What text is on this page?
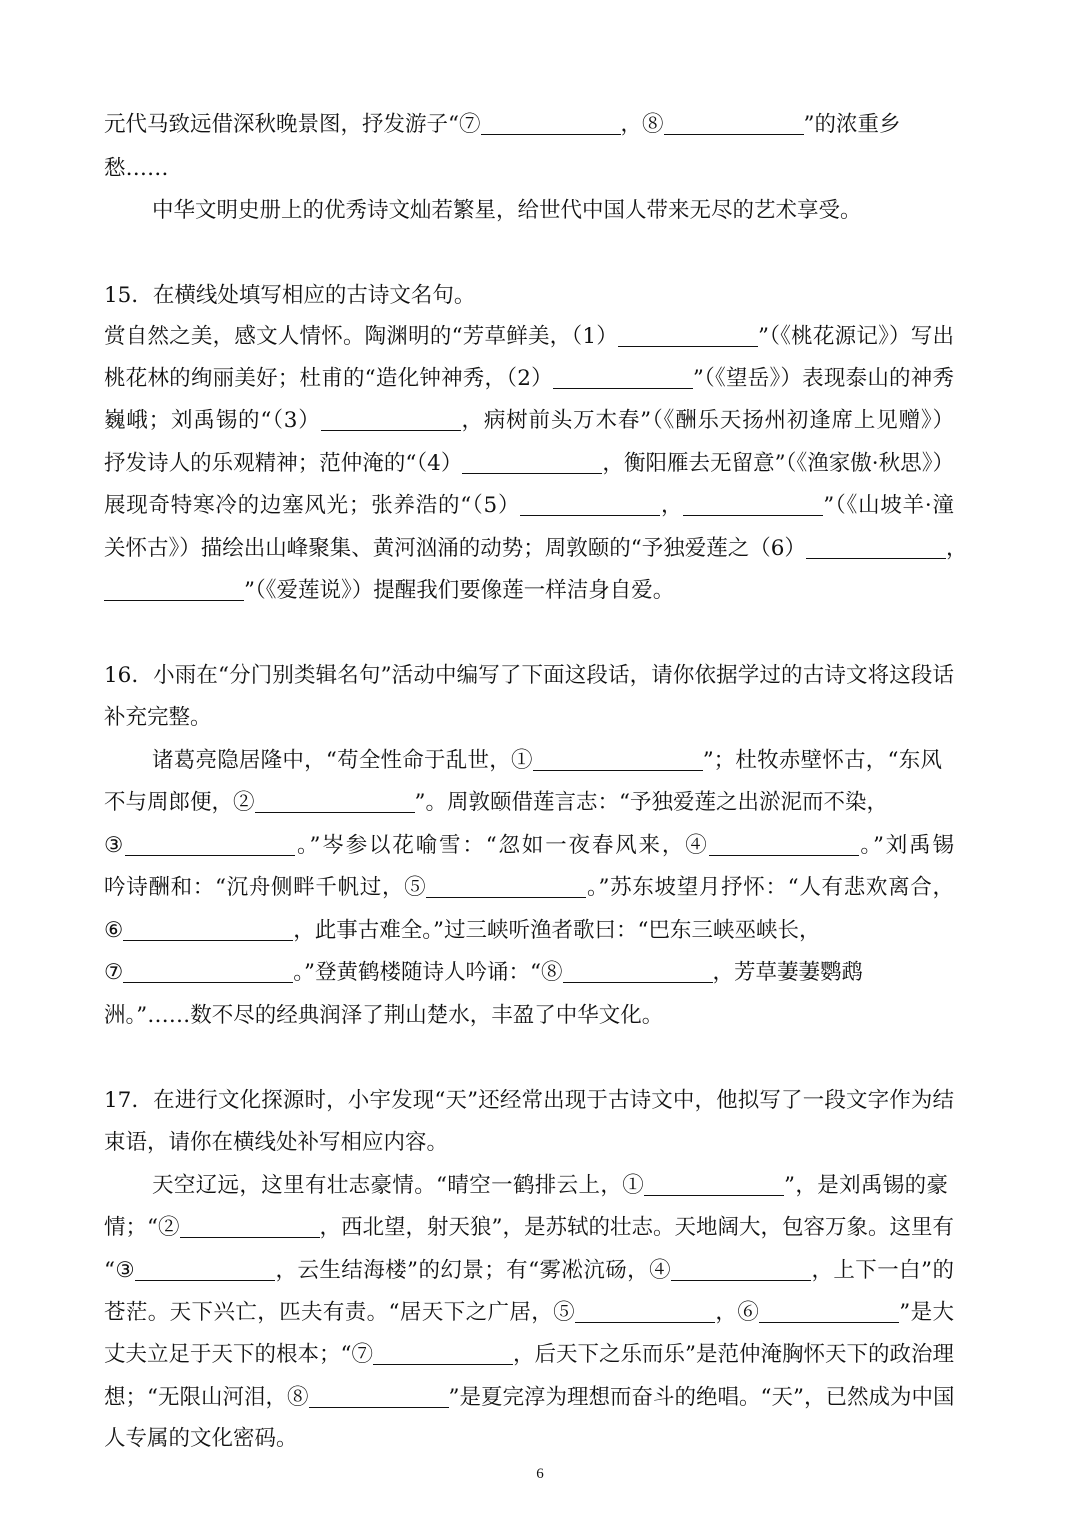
元代马致远借深秋晚景图，抒发游子“⑦	，⑧	”的浓重乡
愁……
中华文明史册上的优秀诗文灿若繁星，给世代中国人带来无尽的艺术享受。
15．在横线处填写相应的古诗文名句。
赏自然之美，感文人情怀。陶渊明的“芳草鲜美，（1）	”（《桃花源记》）写出
桃花林的绚丽美好；杜甫的“造化钟神秀，（2）	”（《望岳》）表现泰山的神秀
巍峨；刘禹锡的“（3）	，病树前头万木春”（《酬乐天扬州初逢席上见赠》）
抒发诗人的乐观精神；范仲淹的“（4）	，衡阳雁去无留意”（《渔家傲·秋思》）
展现奇特寒冷的边塞风光；张养浩的“（5）	，	”（《山坡羊·潼
关怀古》）描绘出山峰聚集、黄河汹涌的动势；周敦颐的“予独爱莲之（6）	，
”（《爱莲说》）提醒我们要像莲一样洁身自爱。
16．小雨在“分门别类辑名句”活动中编写了下面这段话，请你依据学过的古诗文将这段话
补充完整。
诸葛亮隐居隆中，“苟全性命于乱世，①	”；杜牧赤壁怀古，“东风
不与周郎便，②	”。周敦颐借莲言志：“予独爱莲之出淤泥而不染，
③	。”岑参以花喻雪：“忽如一夜春风来，④	。”刘禹锡
吟诗酬和：“沉舟侧畔千帆过，⑤	。”苏东坡望月抒怀：“人有悲欢离合，
⑥	，此事古难全。”过三峡听渔者歌曰：“巴东三峡巫峡长，
⑦	。”登黄鹤楼随诗人吟诵：“⑧	，芳草萋萋鹦鹉
洲。”……数不尽的经典润泽了荆山楚水，丰盈了中华文化。
17．在进行文化探源时，小宇发现“天”还经常出现于古诗文中，他拟写了一段文字作为结
束语，请你在横线处补写相应内容。
天空辽远，这里有壮志豪情。“晴空一鹤排云上，①	”，是刘禹锡的豪
情；“②	，西北望，射天狼”，是苏轼的壮志。天地阔大，包容万象。这里有
“③	，云生结海楼”的幻景；有“雾凇沆砀，④	，上下一白”的
苍茫。天下兴亡，匹夫有责。“居天下之广居，⑤	，⑥	”是大
丈夫立足于天下的根本；“⑦	，后天下之乐而乐”是范仲淹胸怀天下的政治理
想；“无限山河泪，⑧	”是夏完淳为理想而奋斗的绝唱。“天”，已然成为中国
人专属的文化密码。
6
